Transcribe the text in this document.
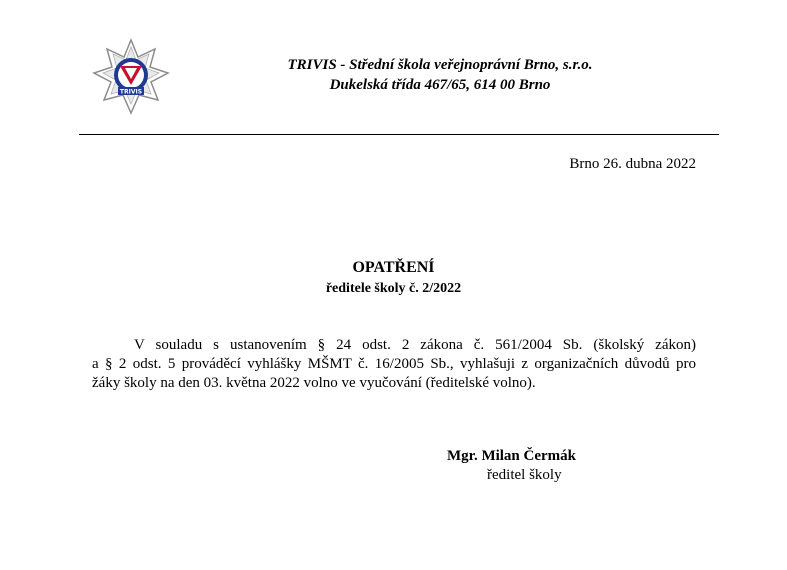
TRIVIS
TRIVIS - Střední škola veřejnoprávní Brno, s.r.o.
Dukelská třída 467/65, 614 00 Brno
Brno 26. dubna 2022
OPATŘENÍ
ředitele školy č. 2/2022
V souladu s ustanovením § 24 odst. 2 zákona č. 561/2004 Sb. (školský zákon)
a § 2 odst. 5 prováděcí vyhlášky MŠMT č. 16/2005 Sb., vyhlašuji z organizačních důvodů pro
žáky školy na den 03. května 2022 volno ve vyučování (ředitelské volno).
Mgr. Milan Čermák
ředitel školy
